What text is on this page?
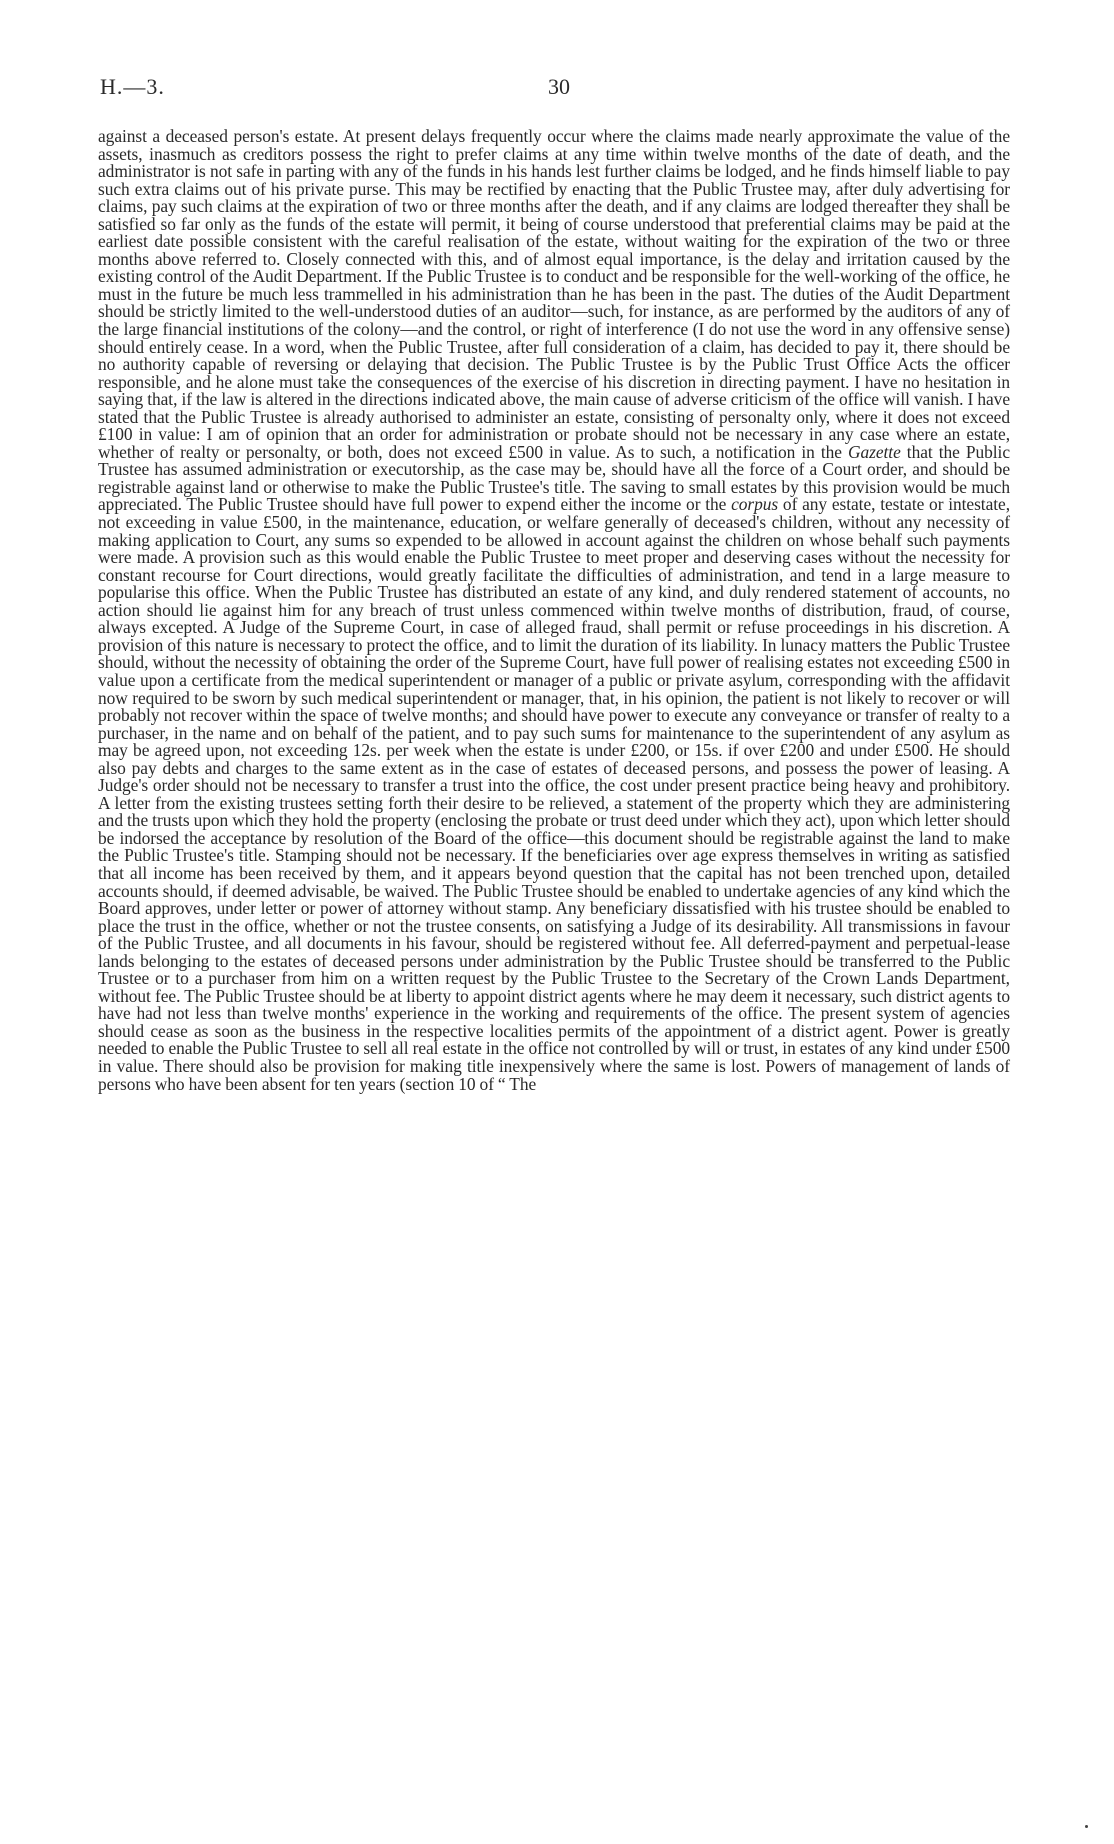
H.—3.	30

against a deceased person's estate. At present delays frequently occur where the claims made nearly approximate the value of the assets, inasmuch as creditors possess the right to prefer claims at any time within twelve months of the date of death, and the administrator is not safe in parting with any of the funds in his hands lest further claims be lodged, and he finds himself liable to pay such extra claims out of his private purse. This may be rectified by enacting that the Public Trustee may, after duly advertising for claims, pay such claims at the expiration of two or three months after the death, and if any claims are lodged thereafter they shall be satisfied so far only as the funds of the estate will permit, it being of course understood that preferential claims may be paid at the earliest date possible consistent with the careful realisation of the estate, without waiting for the expiration of the two or three months above referred to. Closely connected with this, and of almost equal importance, is the delay and irritation caused by the existing control of the Audit Department. If the Public Trustee is to conduct and be responsible for the well-working of the office, he must in the future be much less trammelled in his administration than he has been in the past. The duties of the Audit Department should be strictly limited to the well-understood duties of an auditor—such, for instance, as are performed by the auditors of any of the large financial institutions of the colony—and the control, or right of interference (I do not use the word in any offensive sense) should entirely cease. In a word, when the Public Trustee, after full consideration of a claim, has decided to pay it, there should be no authority capable of reversing or delaying that decision. The Public Trustee is by the Public Trust Office Acts the officer responsible, and he alone must take the consequences of the exercise of his discretion in directing payment. I have no hesitation in saying that, if the law is altered in the directions indicated above, the main cause of adverse criticism of the office will vanish. I have stated that the Public Trustee is already authorised to administer an estate, consisting of personalty only, where it does not exceed £100 in value: I am of opinion that an order for administration or probate should not be necessary in any case where an estate, whether of realty or personalty, or both, does not exceed £500 in value. As to such, a notification in the Gazette that the Public Trustee has assumed administration or executorship, as the case may be, should have all the force of a Court order, and should be registrable against land or otherwise to make the Public Trustee's title. The saving to small estates by this provision would be much appreciated. The Public Trustee should have full power to expend either the income or the corpus of any estate, testate or intestate, not exceeding in value £500, in the maintenance, education, or welfare generally of deceased's children, without any necessity of making application to Court, any sums so expended to be allowed in account against the children on whose behalf such payments were made. A provision such as this would enable the Public Trustee to meet proper and deserving cases without the necessity for constant recourse for Court directions, would greatly facilitate the difficulties of administration, and tend in a large measure to popularise this office. When the Public Trustee has distributed an estate of any kind, and duly rendered statement of accounts, no action should lie against him for any breach of trust unless commenced within twelve months of distribution, fraud, of course, always excepted. A Judge of the Supreme Court, in case of alleged fraud, shall permit or refuse proceedings in his discretion. A provision of this nature is necessary to protect the office, and to limit the duration of its liability. In lunacy matters the Public Trustee should, without the necessity of obtaining the order of the Supreme Court, have full power of realising estates not exceeding £500 in value upon a certificate from the medical superintendent or manager of a public or private asylum, corresponding with the affidavit now required to be sworn by such medical superintendent or manager, that, in his opinion, the patient is not likely to recover or will probably not recover within the space of twelve months; and should have power to execute any conveyance or transfer of realty to a purchaser, in the name and on behalf of the patient, and to pay such sums for maintenance to the superintendent of any asylum as may be agreed upon, not exceeding 12s. per week when the estate is under £200, or 15s. if over £200 and under £500. He should also pay debts and charges to the same extent as in the case of estates of deceased persons, and possess the power of leasing. A Judge's order should not be necessary to transfer a trust into the office, the cost under present practice being heavy and prohibitory. A letter from the existing trustees setting forth their desire to be relieved, a statement of the property which they are administering and the trusts upon which they hold the property (enclosing the probate or trust deed under which they act), upon which letter should be indorsed the acceptance by resolution of the Board of the office—this document should be registrable against the land to make the Public Trustee's title. Stamping should not be necessary. If the beneficiaries over age express themselves in writing as satisfied that all income has been received by them, and it appears beyond question that the capital has not been trenched upon, detailed accounts should, if deemed advisable, be waived. The Public Trustee should be enabled to undertake agencies of any kind which the Board approves, under letter or power of attorney without stamp. Any beneficiary dissatisfied with his trustee should be enabled to place the trust in the office, whether or not the trustee consents, on satisfying a Judge of its desirability. All transmissions in favour of the Public Trustee, and all documents in his favour, should be registered without fee. All deferred-payment and perpetual-lease lands belonging to the estates of deceased persons under administration by the Public Trustee should be transferred to the Public Trustee or to a purchaser from him on a written request by the Public Trustee to the Secretary of the Crown Lands Department, without fee. The Public Trustee should be at liberty to appoint district agents where he may deem it necessary, such district agents to have had not less than twelve months' experience in the working and requirements of the office. The present system of agencies should cease as soon as the business in the respective localities permits of the appointment of a district agent. Power is greatly needed to enable the Public Trustee to sell all real estate in the office not controlled by will or trust, in estates of any kind under £500 in value. There should also be provision for making title inexpensively where the same is lost. Powers of management of lands of persons who have been absent for ten years (section 10 of “ The
